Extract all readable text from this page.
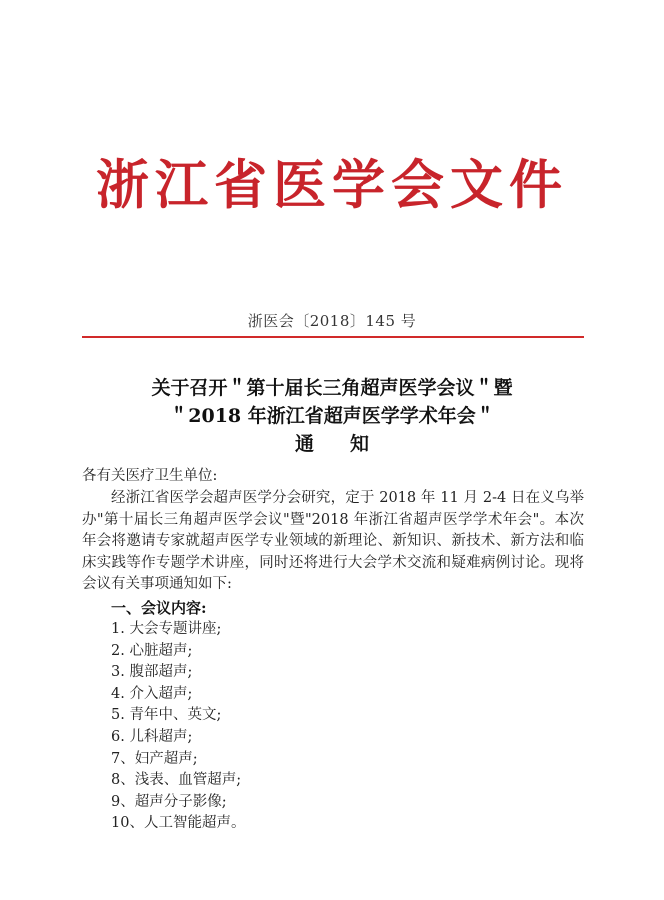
浙江省医学会文件
浙医会〔2018〕145 号
关于召开＂第十届长三角超声医学会议＂暨
＂2018 年浙江省超声医学学术年会＂
通知
各有关医疗卫生单位:
经浙江省医学会超声医学分会研究，定于 2018 年 11 月 2-4 日在义乌举办"第十届长三角超声医学会议"暨"2018 年浙江省超声医学学术年会"。本次年会将邀请专家就超声医学专业领域的新理论、新知识、新技术、新方法和临床实践等作专题学术讲座，同时还将进行大会学术交流和疑难病例讨论。现将会议有关事项通知如下:
一、会议内容:
1. 大会专题讲座;
2. 心脏超声;
3. 腹部超声;
4. 介入超声;
5. 青年中、英文;
6. 儿科超声;
7、妇产超声;
8、浅表、血管超声;
9、超声分子影像;
10、人工智能超声。
